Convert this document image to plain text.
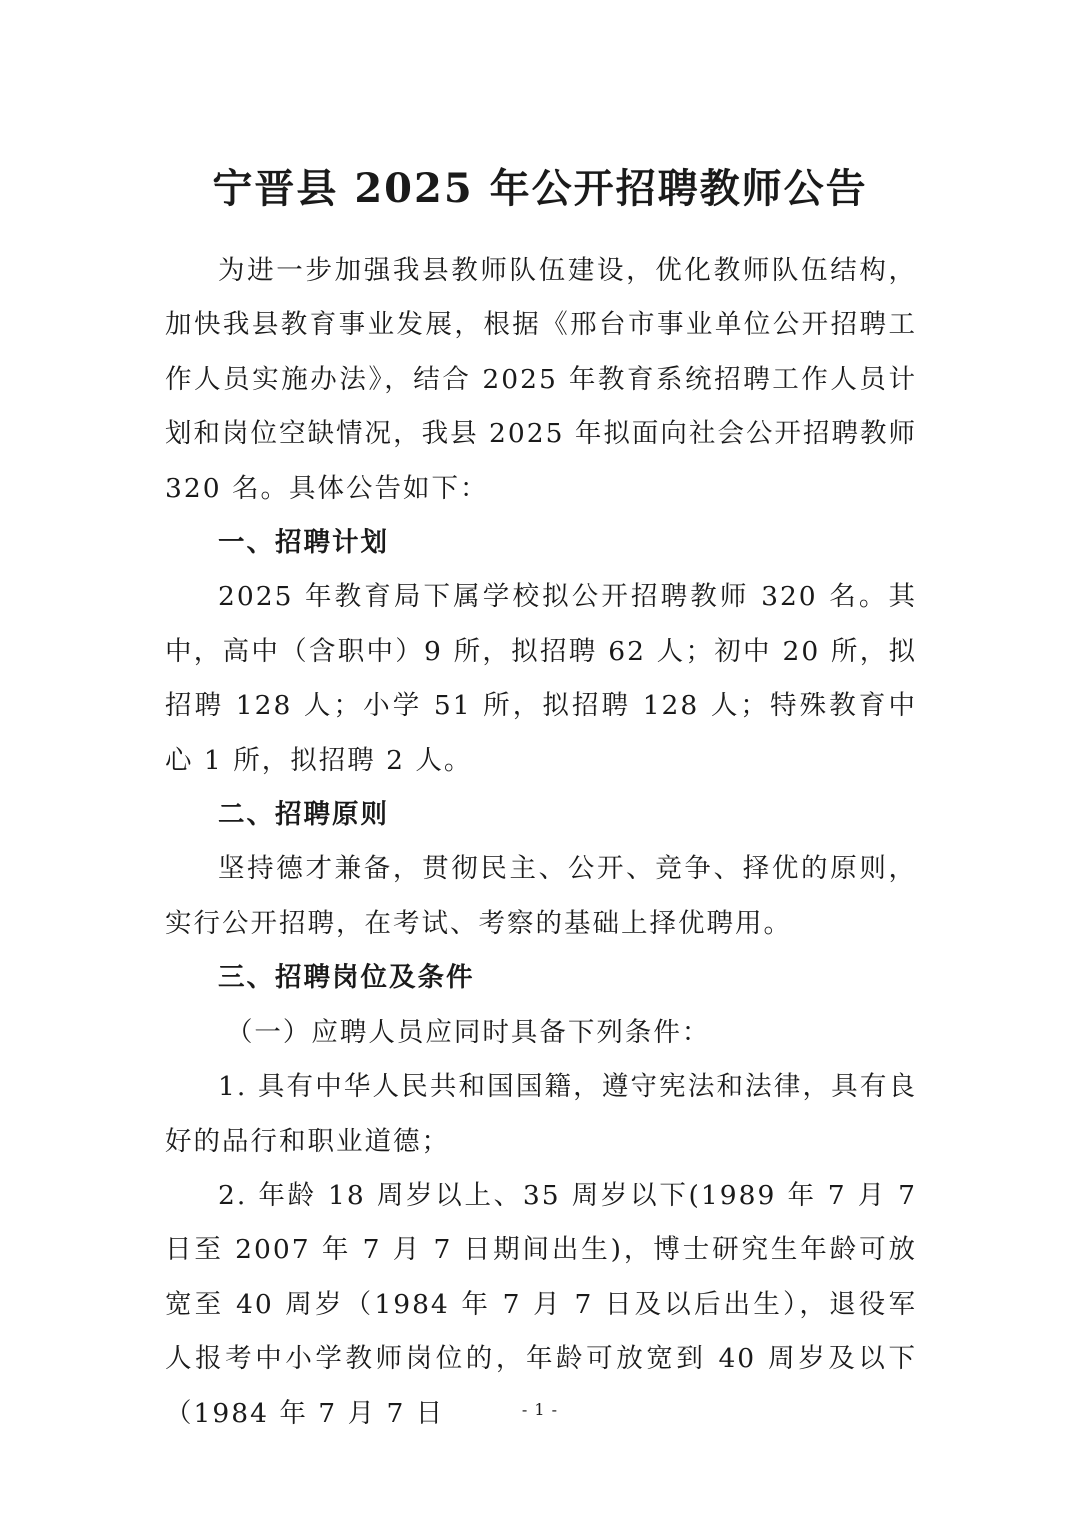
宁晋县 2025 年公开招聘教师公告

为进一步加强我县教师队伍建设，优化教师队伍结构，加快我县教育事业发展，根据《邢台市事业单位公开招聘工作人员实施办法》，结合 2025 年教育系统招聘工作人员计划和岗位空缺情况，我县 2025 年拟面向社会公开招聘教师 320 名。具体公告如下：

一、招聘计划

2025 年教育局下属学校拟公开招聘教师 320 名。其中，高中（含职中）9 所，拟招聘 62 人；初中 20 所，拟招聘 128 人；小学 51 所，拟招聘 128 人；特殊教育中心 1 所，拟招聘 2 人。

二、招聘原则

坚持德才兼备，贯彻民主、公开、竞争、择优的原则，实行公开招聘，在考试、考察的基础上择优聘用。

三、招聘岗位及条件
（一）应聘人员应同时具备下列条件：

1. 具有中华人民共和国国籍，遵守宪法和法律，具有良好的品行和职业道德；

2. 年龄 18 周岁以上、35 周岁以下(1989 年 7 月 7 日至 2007 年 7 月 7 日期间出生)，博士研究生年龄可放宽至 40 周岁（1984 年 7 月 7 日及以后出生），退役军人报考中小学教师岗位的，年龄可放宽到 40 周岁及以下（1984 年 7 月 7 日	- 1 -
